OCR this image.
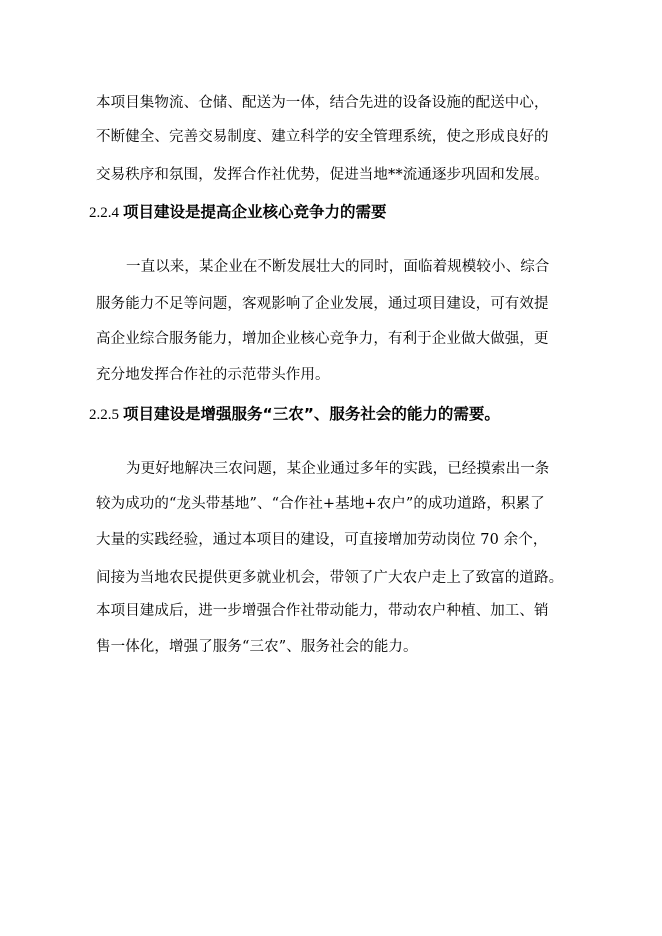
本项目集物流、仓储、配送为一体，结合先进的设备设施的配送中心，
不断健全、完善交易制度、建立科学的安全管理系统，使之形成良好的
交易秩序和氛围，发挥合作社优势，促进当地**流通逐步巩固和发展。
2.2.4 项目建设是提高企业核心竞争力的需要
一直以来，某企业在不断发展壮大的同时，面临着规模较小、综合
服务能力不足等问题，客观影响了企业发展，通过项目建设，可有效提
高企业综合服务能力，增加企业核心竞争力，有利于企业做大做强，更
充分地发挥合作社的示范带头作用。
2.2.5 项目建设是增强服务“三农”、服务社会的能力的需要。
为更好地解决三农问题，某企业通过多年的实践，已经摸索出一条
较为成功的“龙头带基地”、“合作社+基地+农户”的成功道路，积累了
大量的实践经验，通过本项目的建设，可直接增加劳动岗位 70 余个，
间接为当地农民提供更多就业机会，带领了广大农户走上了致富的道路。
本项目建成后，进一步增强合作社带动能力，带动农户种植、加工、销
售一体化，增强了服务“三农”、服务社会的能力。
